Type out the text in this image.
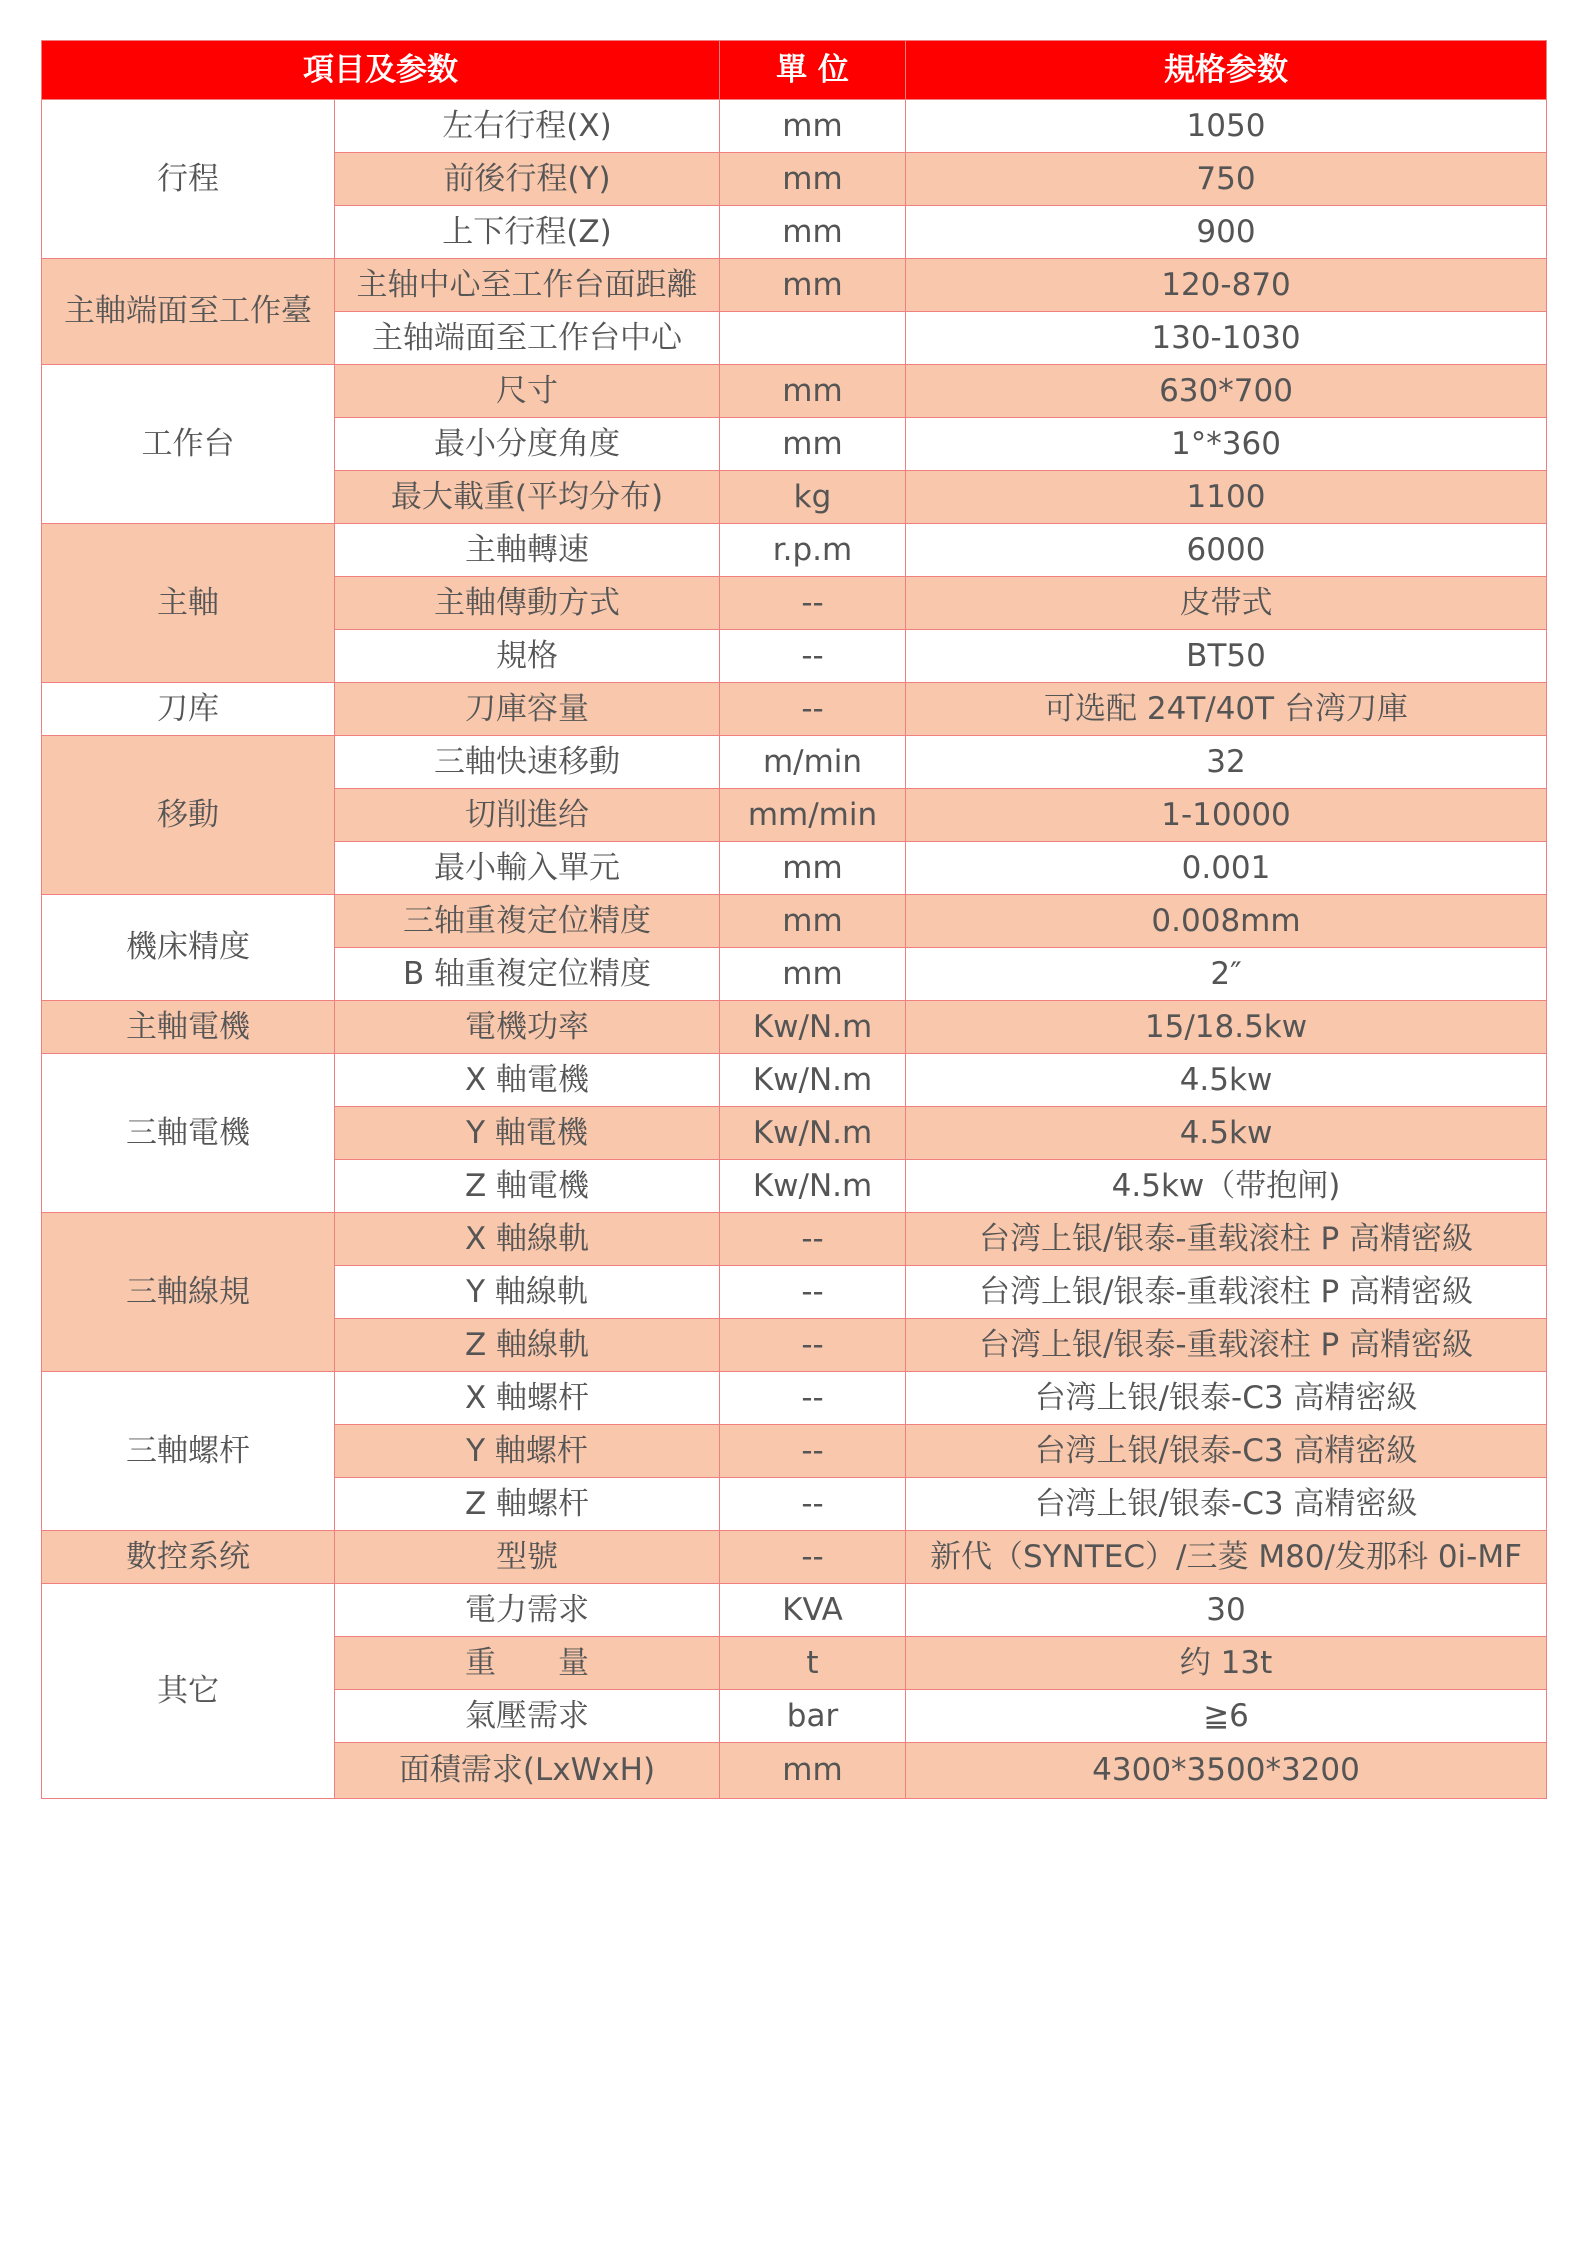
項目及参数		單 位	規格参数
行程	左右行程(X)	mm	1050
	前後行程(Y)	mm	750
	上下行程(Z)	mm	900
主軸端面至工作臺	主轴中心至工作台面距離	mm	120-870
	主轴端面至工作台中心		130-1030
工作台	尺寸	mm	630*700
	最小分度角度	mm	1°*360
	最大載重(平均分布)	kg	1100
主軸	主軸轉速	r.p.m	6000
	主軸傳動方式	--	皮带式
	規格	--	BT50
刀库	刀庫容量	--	可选配 24T/40T 台湾刀庫
移動	三軸快速移動	m/min	32
	切削進给	mm/min	1-10000
	最小輸入單元	mm	0.001
機床精度	三轴重複定位精度	mm	0.008mm
	B 轴重複定位精度	mm	2″
主軸電機	電機功率	Kw/N.m	15/18.5kw
三軸電機	X 軸電機	Kw/N.m	4.5kw
	Y 軸電機	Kw/N.m	4.5kw
	Z 軸電機	Kw/N.m	4.5kw（带抱闸)
三軸線規	X 軸線軌	--	台湾上银/银泰-重载滚柱 P 高精密級
	Y 軸線軌	--	台湾上银/银泰-重载滚柱 P 高精密級
	Z 軸線軌	--	台湾上银/银泰-重载滚柱 P 高精密級
三軸螺杆	X 軸螺杆	--	台湾上银/银泰-C3 高精密級
	Y 軸螺杆	--	台湾上银/银泰-C3 高精密級
	Z 軸螺杆	--	台湾上银/银泰-C3 高精密級
數控系统	型號	--	新代（SYNTEC）/三菱 M80/发那科 0i-MF
其它	電力需求	KVA	30
	重　　量	t	约 13t
	氣壓需求	bar	≧6
	面積需求(LxWxH)	mm	4300*3500*3200
